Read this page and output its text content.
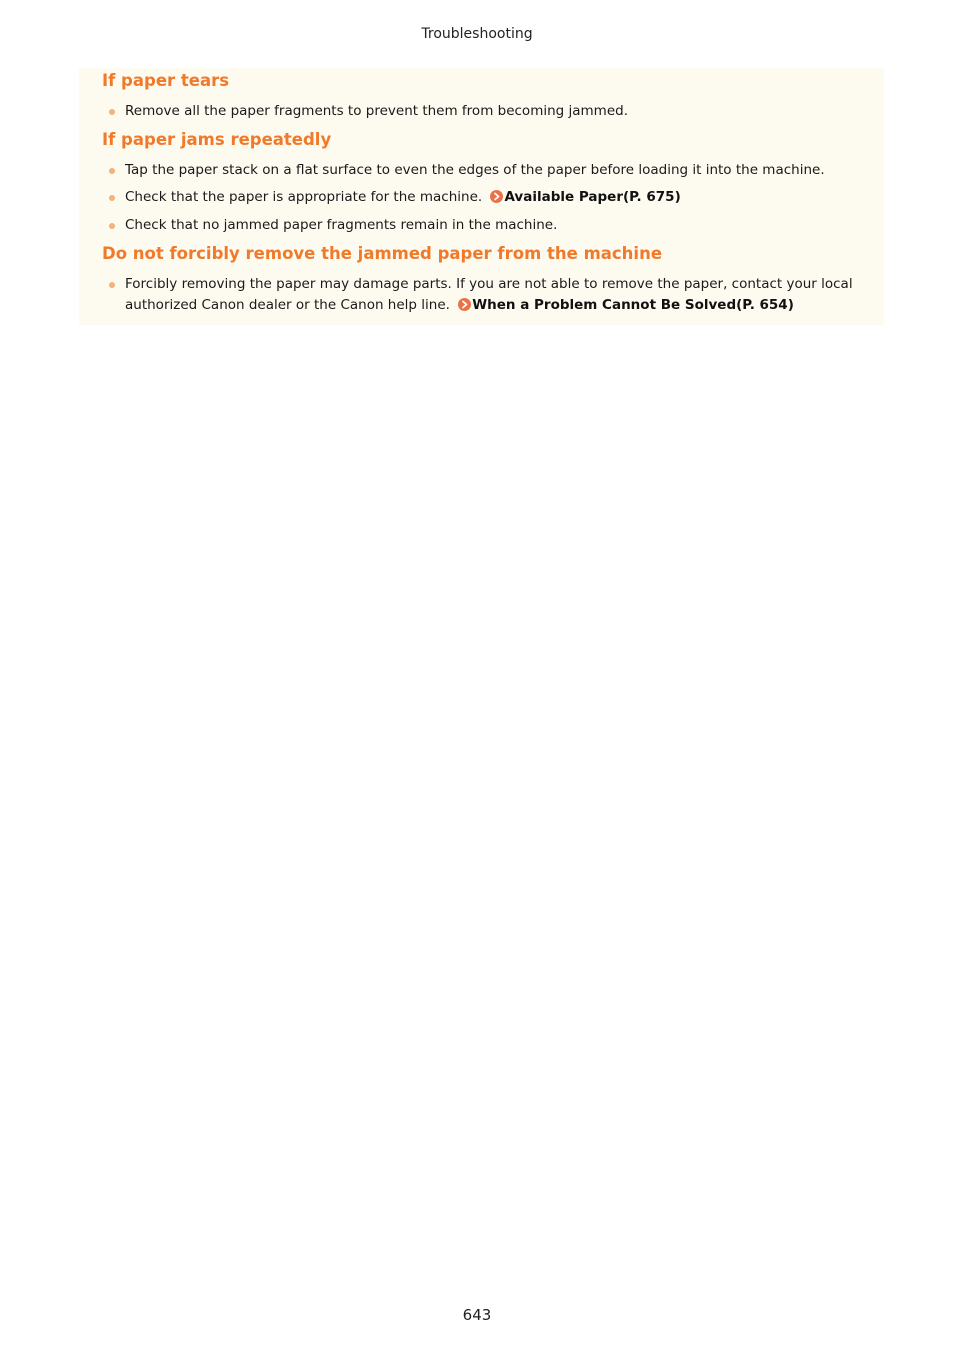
Troubleshooting
If paper tears
Remove all the paper fragments to prevent them from becoming jammed.
If paper jams repeatedly
Tap the paper stack on a flat surface to even the edges of the paper before loading it into the machine.
Check that the paper is appropriate for the machine. Available Paper(P. 675)
Check that no jammed paper fragments remain in the machine.
Do not forcibly remove the jammed paper from the machine
Forcibly removing the paper may damage parts. If you are not able to remove the paper, contact your local
authorized Canon dealer or the Canon help line. When a Problem Cannot Be Solved(P. 654)
643
